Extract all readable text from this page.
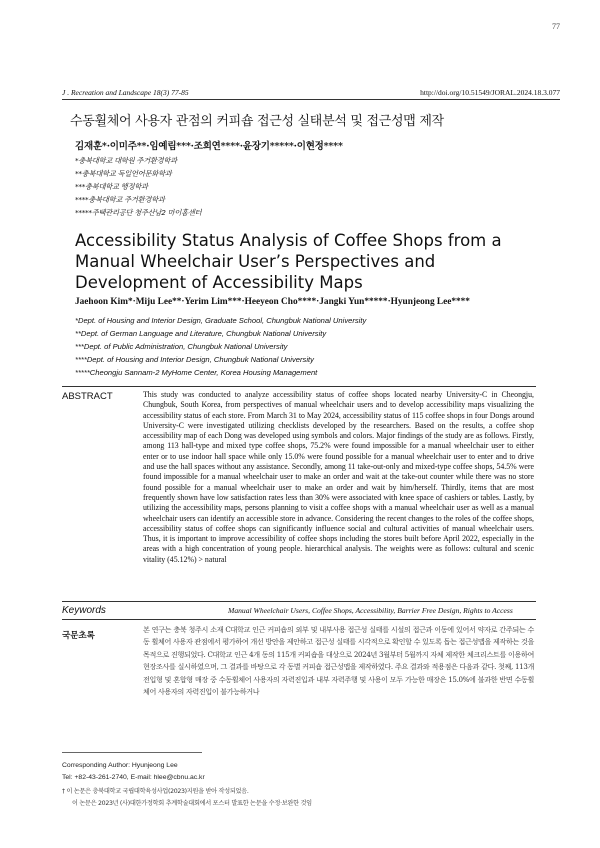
77
J . Recreation and Landscape 18(3) 77-85	http://doi.org/10.51549/JORAL.2024.18.3.077
수동휠체어 사용자 관점의 커피숍 접근성 실태분석 및 접근성맵 제작
김재훈*·이미주**·임예림***·조희연****·윤장기*****·이현정****
*충북대학교 대학원 주거환경학과
**충북대학교 독일언어문화학과
***충북대학교 행정학과
****충북대학교 주거환경학과
*****주택관리공단 청주산남2 마이홈센터
Accessibility Status Analysis of Coffee Shops from a Manual Wheelchair User’s Perspectives and Development of Accessibility Maps
Jaehoon Kim*·Miju Lee**·Yerim Lim***·Heeyeon Cho****·Jangki Yun*****·Hyunjeong Lee****
*Dept. of Housing and Interior Design, Graduate School, Chungbuk National University
**Dept. of German Language and Literature, Chungbuk National University
***Dept. of Public Administration, Chungbuk National University
****Dept. of Housing and Interior Design, Chungbuk National University
*****Cheongju Sannam-2 MyHome Center, Korea Housing Management
ABSTRACT	This study was conducted to analyze accessibility status of coffee shops located nearby University-C in Cheongju, Chungbuk, South Korea, from perspectives of manual wheelchair users and to develop accessibility maps visualizing the accessibility status of each store. From March 31 to May 2024, accessibility status of 115 coffee shops in four Dongs around University-C were investigated utilizing checklists developed by the researchers. Based on the results, a coffee shop accessibility map of each Dong was developed using symbols and colors. Major findings of the study are as follows. Firstly, among 113 hall-type and mixed type coffee shops, 75.2% were found impossible for a manual wheelchair user to either enter or to use indoor hall space while only 15.0% were found possible for a manual wheelchair user to enter and to drive and use the hall spaces without any assistance. Secondly, among 11 take-out-only and mixed-type coffee shops, 54.5% were found impossible for a manual wheelchair user to make an order and wait at the take-out counter while there was no store found possible for a manual wheelchair user to make an order and wait by him/herself. Thirdly, items that are most frequently shown have low satisfaction rates less than 30% were associated with knee space of cashiers or tables. Lastly, by utilizing the accessibility maps, persons planning to visit a coffee shops with a manual wheelchair user as well as a manual wheelchair users can identify an accessible store in advance. Considering the recent changes to the roles of the coffee shops, accessibility status of coffee shops can significantly influence social and cultural activities of manual wheelchair users. Thus, it is important to improve accessibility of coffee shops including the stores built before April 2022, especially in the areas with a high concentration of young people. hierarchical analysis. The weights were as follows: cultural and scenic vitality (45.12%) > natural
Keywords	Manual Wheelchair Users, Coffee Shops, Accessibility, Barrier Free Design, Rights to Access
국문초록
본 연구는 충북 청주시 소재 C대학교 인근 커피숍의 외부 및 내부사용 접근성 실태를 시설의 접근과 이동에 있어서 약자로 간주되는 수동 휠체어 사용자 관점에서 평가하여 개선 방안을 제안하고 접근성 실태를 시각적으로 확인할 수 있도록 돕는 접근성맵을 제작하는 것을 목적으로 진행되었다. C대학교 인근 4개 동의 115개 커피숍을 대상으로 2024년 3월부터 5월까지 자체 제작한 체크리스트를 이용하여 현장조사를 실시하였으며, 그 결과를 바탕으로 각 동별 커피숍 접근성맵을 제작하였다. 주요 결과와 적용점은 다음과 같다. 첫째, 113개 전입형 및 혼합형 매장 중 수동휠체어 사용자의 자력진입과 내부 자력주행 및 사용이 모두 가능한 매장은 15.0%에 불과한 반면 수동휠체어 사용자의 자력진입이 불가능하거나
Corresponding Author: Hyunjeong Lee
Tel: +82-43-261-2740, E-mail: hlee@cbnu.ac.kr
† 이 논문은 충북대학교 국립대학육성사업(2023)지원을 받아 작성되었음.
이 논문은 2023년 (사)대한가정학회 추계학술대회에서 포스터 발표한 논문을 수정·보완한 것임
